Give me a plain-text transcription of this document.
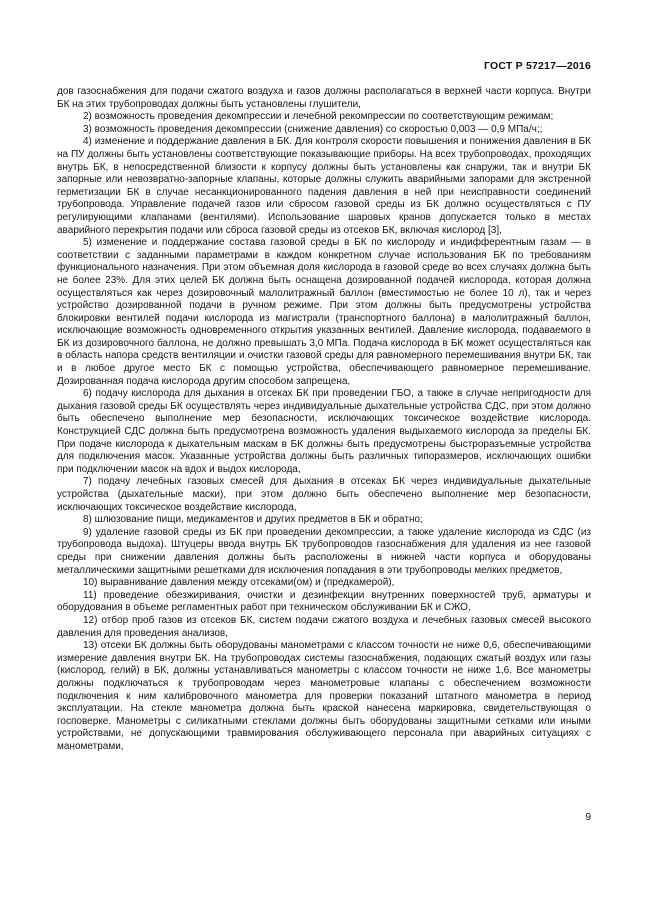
ГОСТ Р 57217—2016

дов газоснабжения для подачи сжатого воздуха и газов должны располагаться в верхней части корпуса. Внутри БК на этих трубопроводах должны быть установлены глушители,

2) возможность проведения декомпрессии и лечебной рекомпрессии по соответствующим режимам;

3) возможность проведения декомпрессии (снижение давления) со скоростью 0,003 — 0,9 МПа/ч;;

4) изменение и поддержание давления в БК. Для контроля скорости повышения и понижения давления в БК на ПУ должны быть установлены соответствующие показывающие приборы. На всех трубопроводах, проходящих внутрь БК, в непосредственной близости к корпусу должны быть установлены как снаружи, так и внутри БК запорные или невозвратно-запорные клапаны, которые должны служить аварийными запорами для экстренной герметизации БК в случае несанкционированного падения давления в ней при неисправности соединений трубопровода. Управление подачей газов или сбросом газовой среды из БК должно осуществляться с ПУ регулирующими клапанами (вентилями). Использование шаровых кранов допускается только в местах аварийного перекрытия подачи или сброса газовой среды из отсеков БК, включая кислород [3],

5) изменение и поддержание состава газовой среды в БК по кислороду и индифферентным газам — в соответствии с заданными параметрами в каждом конкретном случае использования БК по требованиям функционального назначения. При этом объемная доля кислорода в газовой среде во всех случаях должна быть не более 23%. Для этих целей БК должна быть оснащена дозированной подачей кислорода, которая должна осуществляться как через дозировочный малолитражный баллон (вместимостью не более 10 л), так и через устройство дозированной подачи в ручном режиме. При этом должны быть предусмотрены устройства блокировки вентилей подачи кислорода из магистрали (транспортного баллона) в малолитражный баллон, исключающие возможность одновременного открытия указанных вентилей. Давление кислорода, подаваемого в БК из дозировочного баллона, не должно превышать 3,0 МПа. Подача кислорода в БК может осуществляться как в область напора средств вентиляции и очистки газовой среды для равномерного перемешивания внутри БК, так и в любое другое место БК с помощью устройства, обеспечивающего равномерное перемешивание. Дозированная подача кислорода другим способом запрещена,

6) подачу кислорода для дыхания в отсеках БК при проведении ГБО, а также в случае непригодности для дыхания газовой среды БК осуществлять через индивидуальные дыхательные устройства СДС, при этом должно быть обеспечено выполнение мер безопасности, исключающих токсическое воздействие кислорода. Конструкцией СДС должна быть предусмотрена возможность удаления выдыхаемого кислорода за пределы БК. При подаче кислорода к дыхательным маскам в БК должны быть предусмотрены быстроразъемные устройства для подключения масок. Указанные устройства должны быть различных типоразмеров, исключающих ошибки при подключении масок на вдох и выдох кислорода,

7) подачу лечебных газовых смесей для дыхания в отсеках БК через индивидуальные дыхательные устройства (дыхательные маски), при этом должно быть обеспечено выполнение мер безопасности, исключающих токсическое воздействие кислорода,

8) шлюзование пищи, медикаментов и других предметов в БК и обратно;

9) удаление газовой среды из БК при проведении декомпрессии, а также удаление кислорода из СДС (из трубопровода выдоха). Штуцеры ввода внутрь БК трубопроводов газоснабжения для удаления из нее газовой среды при снижении давления должны быть расположены в нижней части корпуса и оборудованы металлическими защитными решетками для исключения попадания в эти трубопроводы мелких предметов,

10) выравнивание давления между отсеками(ом) и (предкамерой),

11) проведение обезжиривания, очистки и дезинфекции внутренних поверхностей труб, арматуры и оборудования в объеме регламентных работ при техническом обслуживании БК и СЖО,

12) отбор проб газов из отсеков БК, систем подачи сжатого воздуха и лечебных газовых смесей высокого давления для проведения анализов,

13) отсеки БК должны быть оборудованы манометрами с классом точности не ниже 0,6, обеспечивающими измерение давления внутри БК. На трубопроводах системы газоснабжения, подающих сжатый воздух или газы (кислород, гелий) в БК, должны устанавливаться манометры с классом точности не ниже 1,6. Все манометры должны подключаться к трубопроводам через манометровые клапаны с обеспечением возможности подключения к ним калибровочного манометра для проверки показаний штатного манометра в период эксплуатации. На стекле манометра должна быть краской нанесена маркировка, свидетельствующая о госповерке. Манометры с силикатными стеклами должны быть оборудованы защитными сетками или иными устройствами, не допускающими травмирования обслуживающего персонала при аварийных ситуациях с манометрами,

9
